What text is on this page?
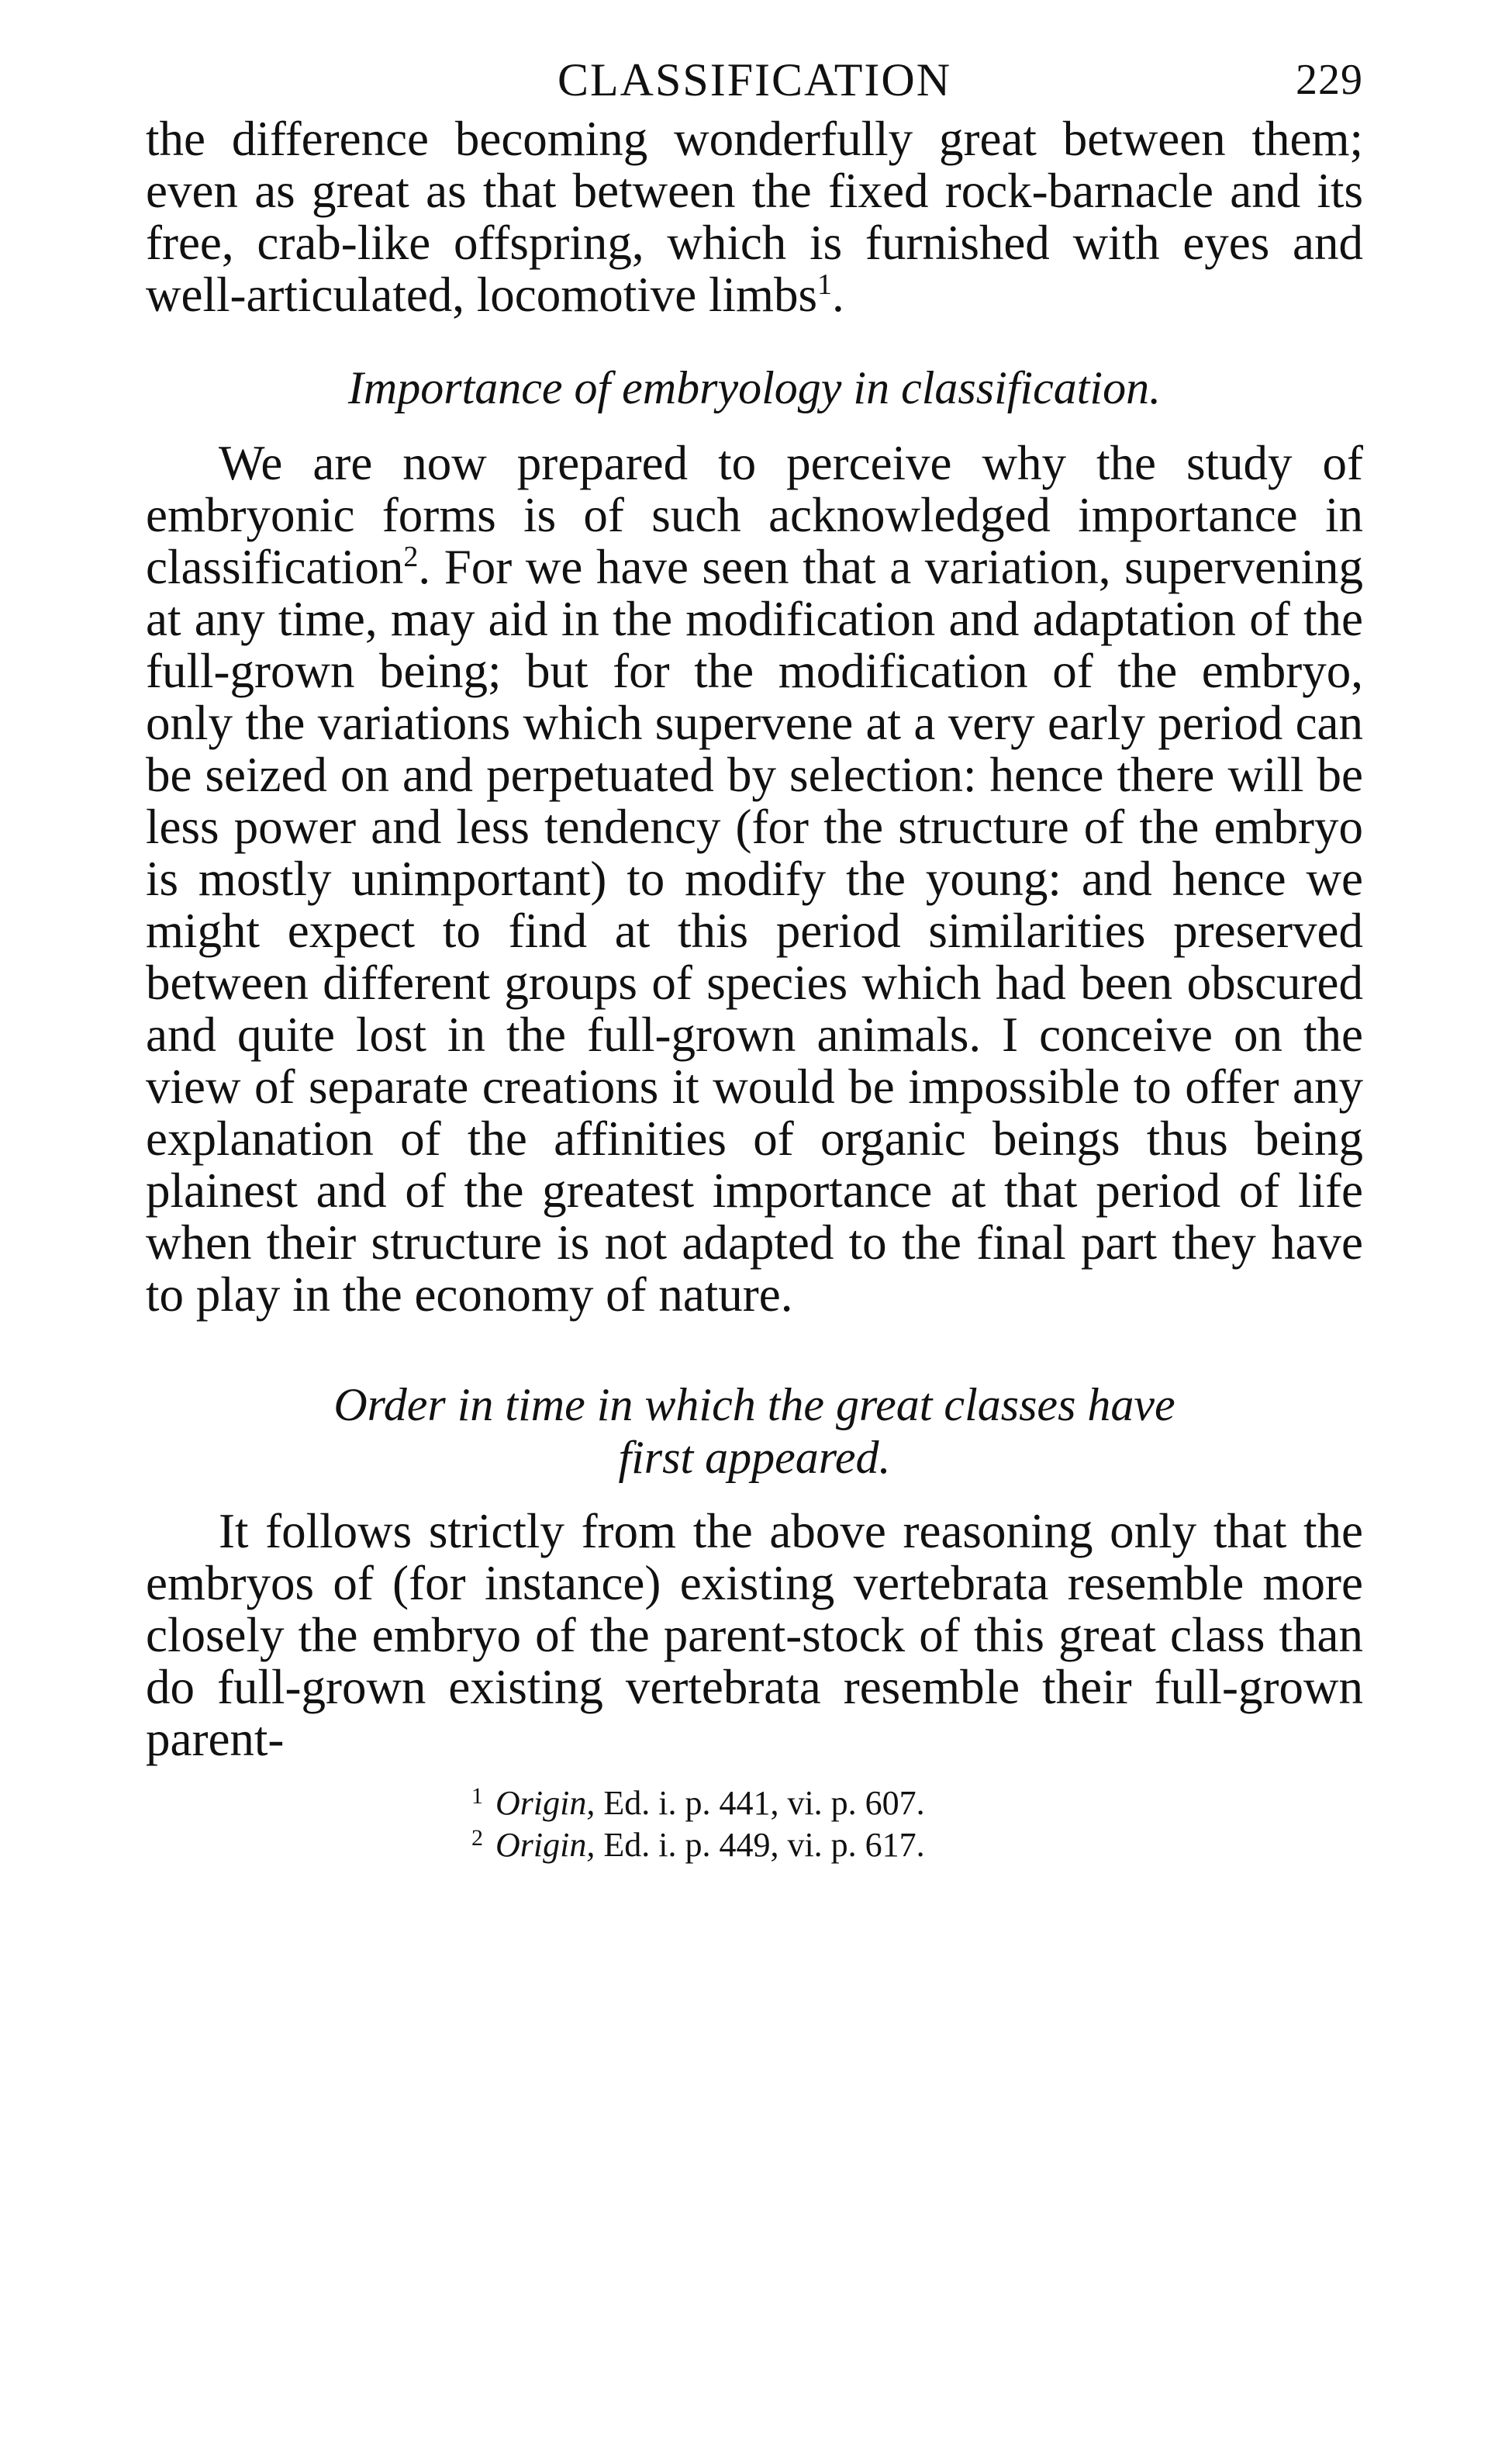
CLASSIFICATION	229

the difference becoming wonderfully great between them; even as great as that between the fixed rock-barnacle and its free, crab-like offspring, which is furnished with eyes and well-articulated, locomotive limbs$^1$.

Importance of embryology in classification.

We are now prepared to perceive why the study of embryonic forms is of such acknowledged importance in classification$^2$. For we have seen that a variation, supervening at any time, may aid in the modification and adaptation of the full-grown being; but for the modification of the embryo, only the variations which supervene at a very early period can be seized on and perpetuated by selection: hence there will be less power and less tendency (for the structure of the embryo is mostly unimportant) to modify the young: and hence we might expect to find at this period similarities preserved between different groups of species which had been obscured and quite lost in the full-grown animals. I conceive on the view of separate creations it would be impossible to offer any explanation of the affinities of organic beings thus being plainest and of the greatest importance at that period of life when their structure is not adapted to the final part they have to play in the economy of nature.

Order in time in which the great classes have
first appeared.

It follows strictly from the above reasoning only that the embryos of (for instance) existing vertebrata resemble more closely the embryo of the parent-stock of this great class than do full-grown existing vertebrata resemble their full-grown parent-

$^1$ Origin, Ed. i. p. 441, vi. p. 607.
$^2$ Origin, Ed. i. p. 449, vi. p. 617.
